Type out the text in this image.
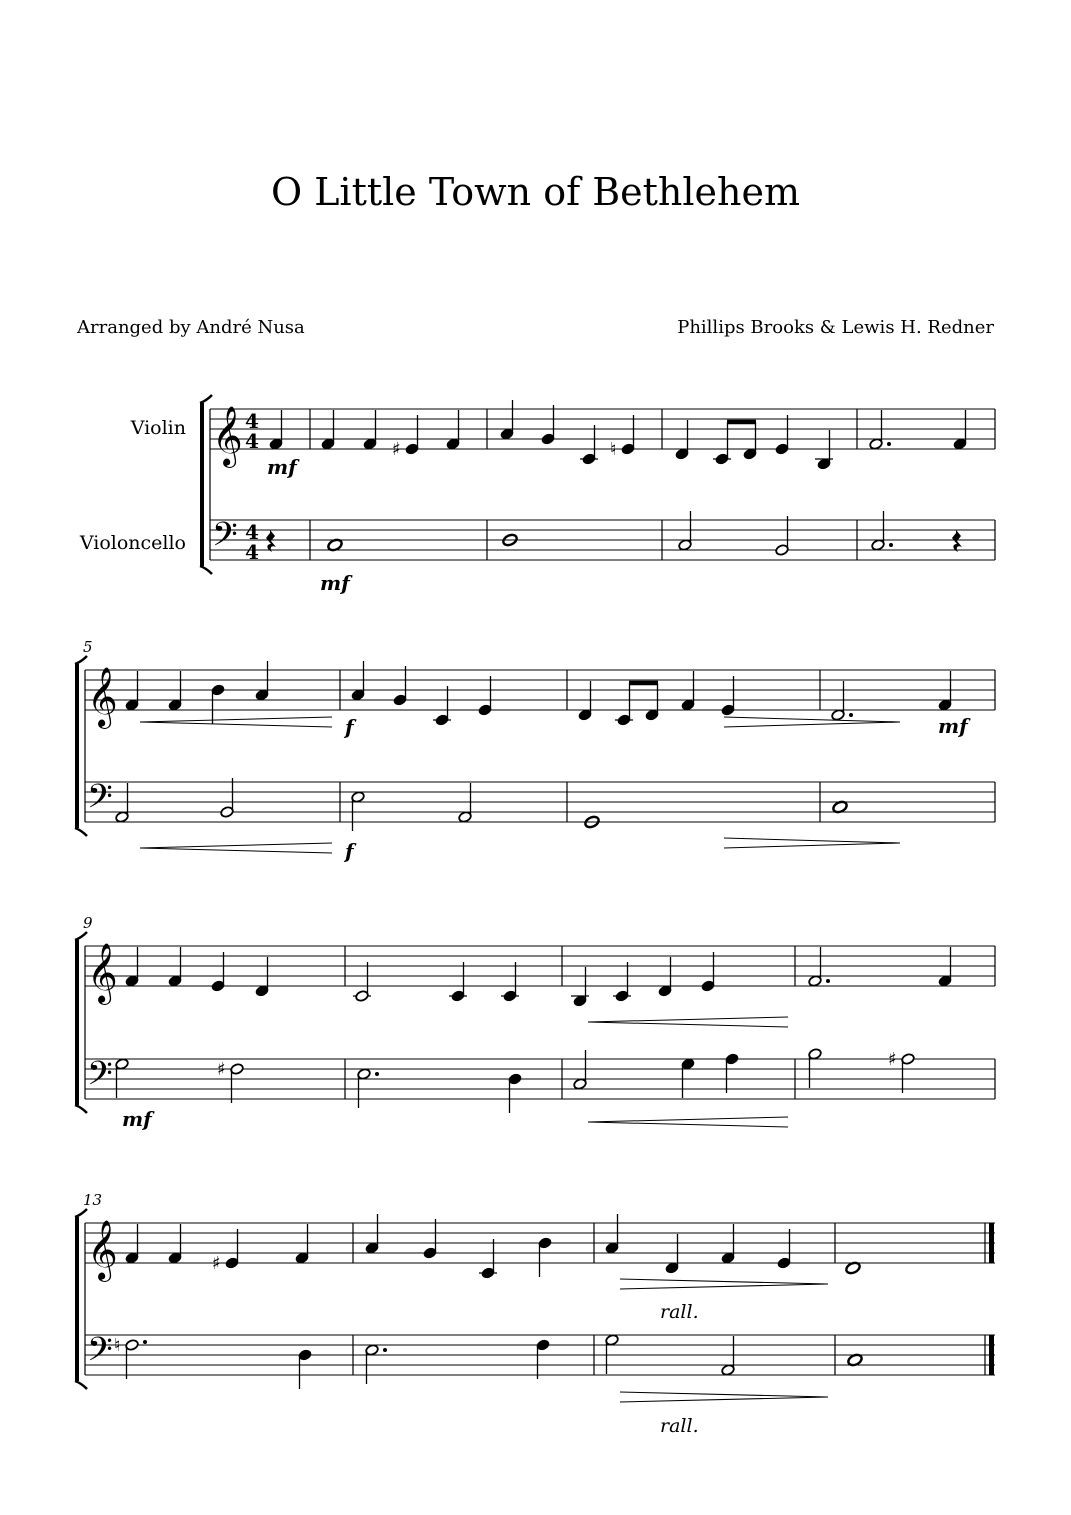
O Little Town of Bethlehem
Arranged by André Nusa	Phillips Brooks & Lewis H. Redner
Violin
Violoncello
𝄞
𝄢
4
4
4
4
♯	♮
mf
mf
𝄞
𝄢
5
f
f
mf
𝄞
𝄢
9
♯	♯
mf
𝄞
𝄢
13
♯
♮
rall.
rall.
